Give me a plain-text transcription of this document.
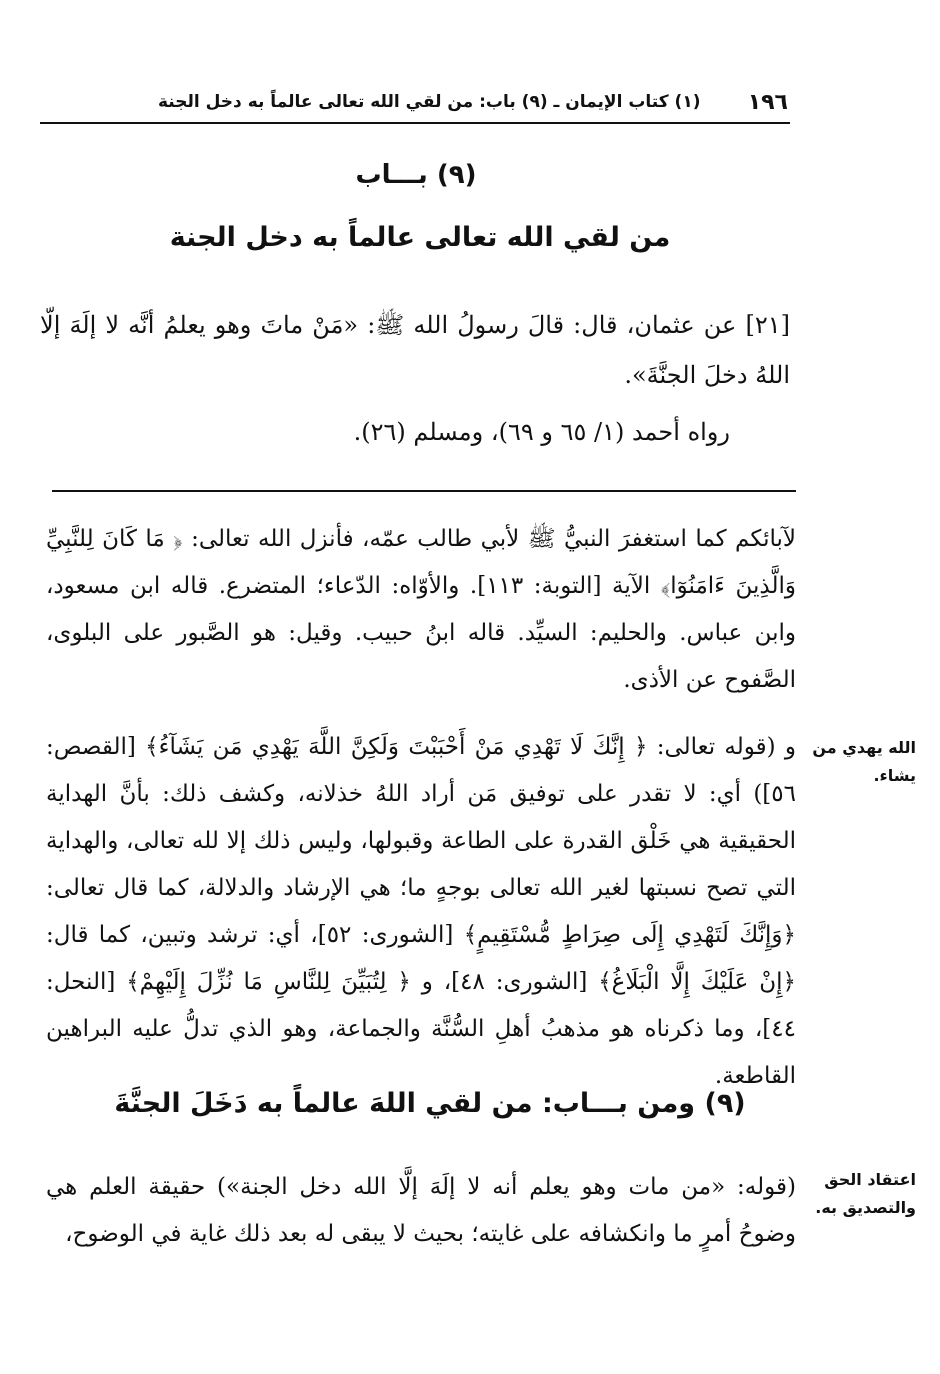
١٩٦
(١) كتاب الإيمان ـ (٩) باب: من لقي الله تعالى عالماً به دخل الجنة
(٩) بـــاب
من لقي الله تعالى عالماً به دخل الجنة
[٢١] عن عثمان، قال: قالَ رسولُ الله ﷺ: «مَنْ ماتَ وهو يعلمُ أنَّه لا إلَهَ إلّا اللهُ دخلَ الجنَّةَ».
رواه أحمد (١/ ٦٥ و ٦٩)، ومسلم (٢٦).
لآبائكم كما استغفرَ النبيُّ ﷺ لأبي طالب عمّه، فأنزل الله تعالى: ﴿ مَا كَانَ لِلنَّبِيِّ وَالَّذِينَ ءَامَنُوٓا﴾ الآية [التوبة: ١١٣]. والأوّاه: الدّعاء؛ المتضرع. قاله ابن مسعود، وابن عباس. والحليم: السيِّد. قاله ابنُ حبيب. وقيل: هو الصَّبور على البلوى، الصَّفوح عن الأذى.
الله يهدي من يشاء.
و (قوله تعالى: ﴿ إِنَّكَ لَا تَهْدِي مَنْ أَحْبَبْتَ وَلَكِنَّ اللَّهَ يَهْدِي مَن يَشَآءُ﴾ [القصص: ٥٦]) أي: لا تقدر على توفيق مَن أراد اللهُ خذلانه، وكشف ذلك: بأنَّ الهداية الحقيقية هي خَلْق القدرة على الطاعة وقبولها، وليس ذلك إلا لله تعالى، والهداية التي تصح نسبتها لغير الله تعالى بوجهٍ ما؛ هي الإرشاد والدلالة، كما قال تعالى: ﴿وَإِنَّكَ لَتَهْدِي إِلَى صِرَاطٍ مُّسْتَقِيمٍ﴾ [الشورى: ٥٢]، أي: ترشد وتبين، كما قال: ﴿إِنْ عَلَيْكَ إِلَّا الْبَلَاغُ﴾ [الشورى: ٤٨]، و ﴿ لِتُبَيِّنَ لِلنَّاسِ مَا نُزِّلَ إِلَيْهِمْ﴾ [النحل: ٤٤]، وما ذكرناه هو مذهبُ أهلِ السُّنَّة والجماعة، وهو الذي تدلُّ عليه البراهين القاطعة.
(٩) ومن بـــاب: من لقي اللهَ عالماً به دَخَلَ الجنَّةَ
اعتقاد الحق والتصديق به.
(قوله: «من مات وهو يعلم أنه لا إلَهَ إلَّا الله دخل الجنة») حقيقة العلم هي وضوحُ أمرٍ ما وانكشافه على غايته؛ بحيث لا يبقى له بعد ذلك غاية في الوضوح،
